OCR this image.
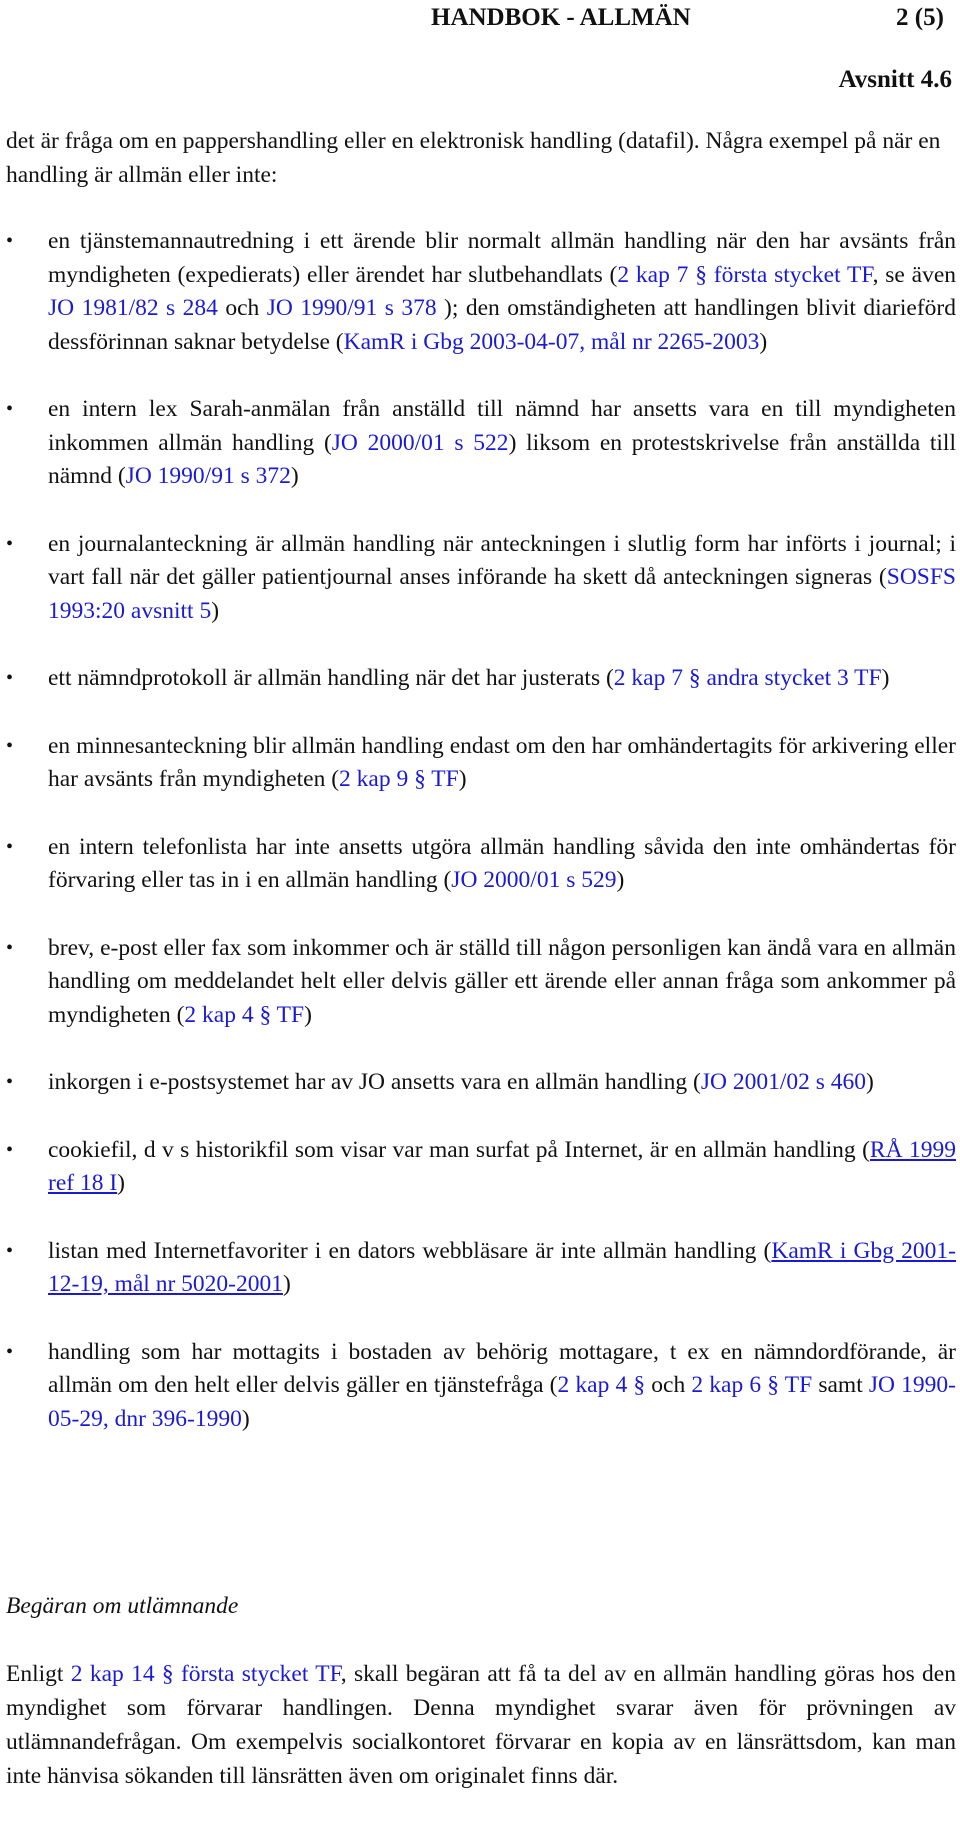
HANDBOK - ALLMÄN	2 (5)
Avsnitt 4.6
det är fråga om en pappershandling eller en elektronisk handling (datafil). Några exempel på när en handling är allmän eller inte:
•	en tjänstemannautredning i ett ärende blir normalt allmän handling när den har avsänts från myndigheten (expedierats) eller ärendet har slutbehandlats (2 kap 7 § första stycket TF, se även JO 1981/82 s 284 och JO 1990/91 s 378 ); den omständigheten att handlingen blivit diarieförd dessförinnan saknar betydelse (KamR i Gbg 2003-04-07, mål nr 2265-2003)
•	en intern lex Sarah-anmälan från anställd till nämnd har ansetts vara en till myndigheten inkommen allmän handling (JO 2000/01 s 522) liksom en protestskrivelse från anställda till nämnd (JO 1990/91 s 372)
•	en journalanteckning är allmän handling när anteckningen i slutlig form har införts i journal; i vart fall när det gäller patientjournal anses införande ha skett då anteckningen signeras (SOSFS 1993:20 avsnitt 5)
•	ett nämndprotokoll är allmän handling när det har justerats (2 kap 7 § andra stycket 3 TF)
•	en minnesanteckning blir allmän handling endast om den har omhändertagits för arkivering eller har avsänts från myndigheten (2 kap 9 § TF)
•	en intern telefonlista har inte ansetts utgöra allmän handling såvida den inte omhändertas för förvaring eller tas in i en allmän handling (JO 2000/01 s 529)
•	brev, e-post eller fax som inkommer och är ställd till någon personligen kan ändå vara en allmän handling om meddelandet helt eller delvis gäller ett ärende eller annan fråga som ankommer på myndigheten (2 kap 4 § TF)
•	inkorgen i e-postsystemet har av JO ansetts vara en allmän handling (JO 2001/02 s 460)
•	cookiefil, d v s historikfil som visar var man surfat på Internet, är en allmän handling (RÅ 1999 ref 18 I)
•	listan med Internetfavoriter i en dators webbläsare är inte allmän handling (KamR i Gbg 2001-12-19, mål nr 5020-2001)
•	handling som har mottagits i bostaden av behörig mottagare, t ex en nämndordförande, är allmän om den helt eller delvis gäller en tjänstefråga (2 kap 4 § och 2 kap 6 § TF samt JO 1990-05-29, dnr 396-1990)
Begäran om utlämnande
Enligt 2 kap 14 § första stycket TF, skall begäran att få ta del av en allmän handling göras hos den myndighet som förvarar handlingen. Denna myndighet svarar även för prövningen av utlämnandefrågan. Om exempelvis socialkontoret förvarar en kopia av en länsrättsdom, kan man inte hänvisa sökanden till länsrätten även om originalet finns där.
